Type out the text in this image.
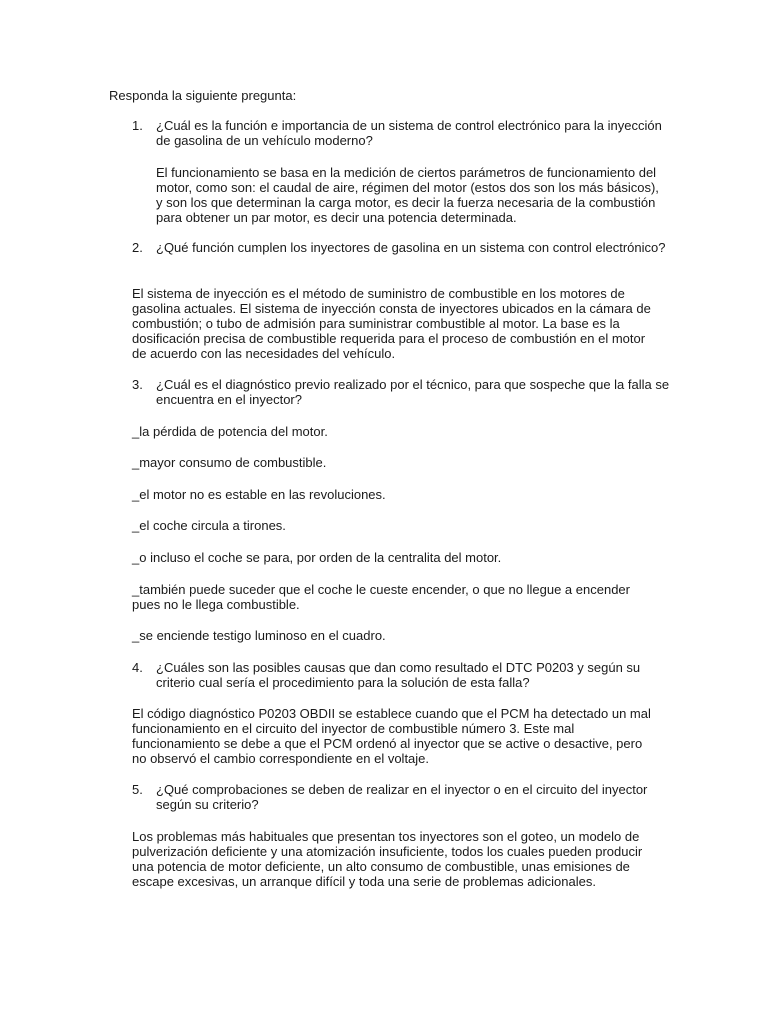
Responda la siguiente pregunta:

1. ¿Cuál es la función e importancia de un sistema de control electrónico para la inyección de gasolina de un vehículo moderno?

El funcionamiento se basa en la medición de ciertos parámetros de funcionamiento del motor, como son: el caudal de aire, régimen del motor (estos dos son los más básicos), y son los que determinan la carga motor, es decir la fuerza necesaria de la combustión para obtener un par motor, es decir una potencia determinada.

2. ¿Qué función cumplen los inyectores de gasolina en un sistema con control electrónico?

El sistema de inyección es el método de suministro de combustible en los motores de gasolina actuales. El sistema de inyección consta de inyectores ubicados en la cámara de combustión; o tubo de admisión para suministrar combustible al motor. La base es la dosificación precisa de combustible requerida para el proceso de combustión en el motor de acuerdo con las necesidades del vehículo.

3. ¿Cuál es el diagnóstico previo realizado por el técnico, para que sospeche que la falla se encuentra en el inyector?

_la pérdida de potencia del motor.

_mayor consumo de combustible.

_el motor no es estable en las revoluciones.

_el coche circula a tirones.

_o incluso el coche se para, por orden de la centralita del motor.

_también puede suceder que el coche le cueste encender, o que no llegue a encender pues no le llega combustible.

_se enciende testigo luminoso en el cuadro.

4. ¿Cuáles son las posibles causas que dan como resultado el DTC P0203 y según su criterio cual sería el procedimiento para la solución de esta falla?

El código diagnóstico P0203 OBDII se establece cuando que el PCM ha detectado un mal funcionamiento en el circuito del inyector de combustible número 3. Este mal funcionamiento se debe a que el PCM ordenó al inyector que se active o desactive, pero no observó el cambio correspondiente en el voltaje.

5. ¿Qué comprobaciones se deben de realizar en el inyector o en el circuito del inyector según su criterio?

Los problemas más habituales que presentan tos inyectores son el goteo, un modelo de pulverización deficiente y una atomización insuficiente, todos los cuales pueden producir una potencia de motor deficiente, un alto consumo de combustible, unas emisiones de escape excesivas, un arranque difícil y toda una serie de problemas adicionales.
